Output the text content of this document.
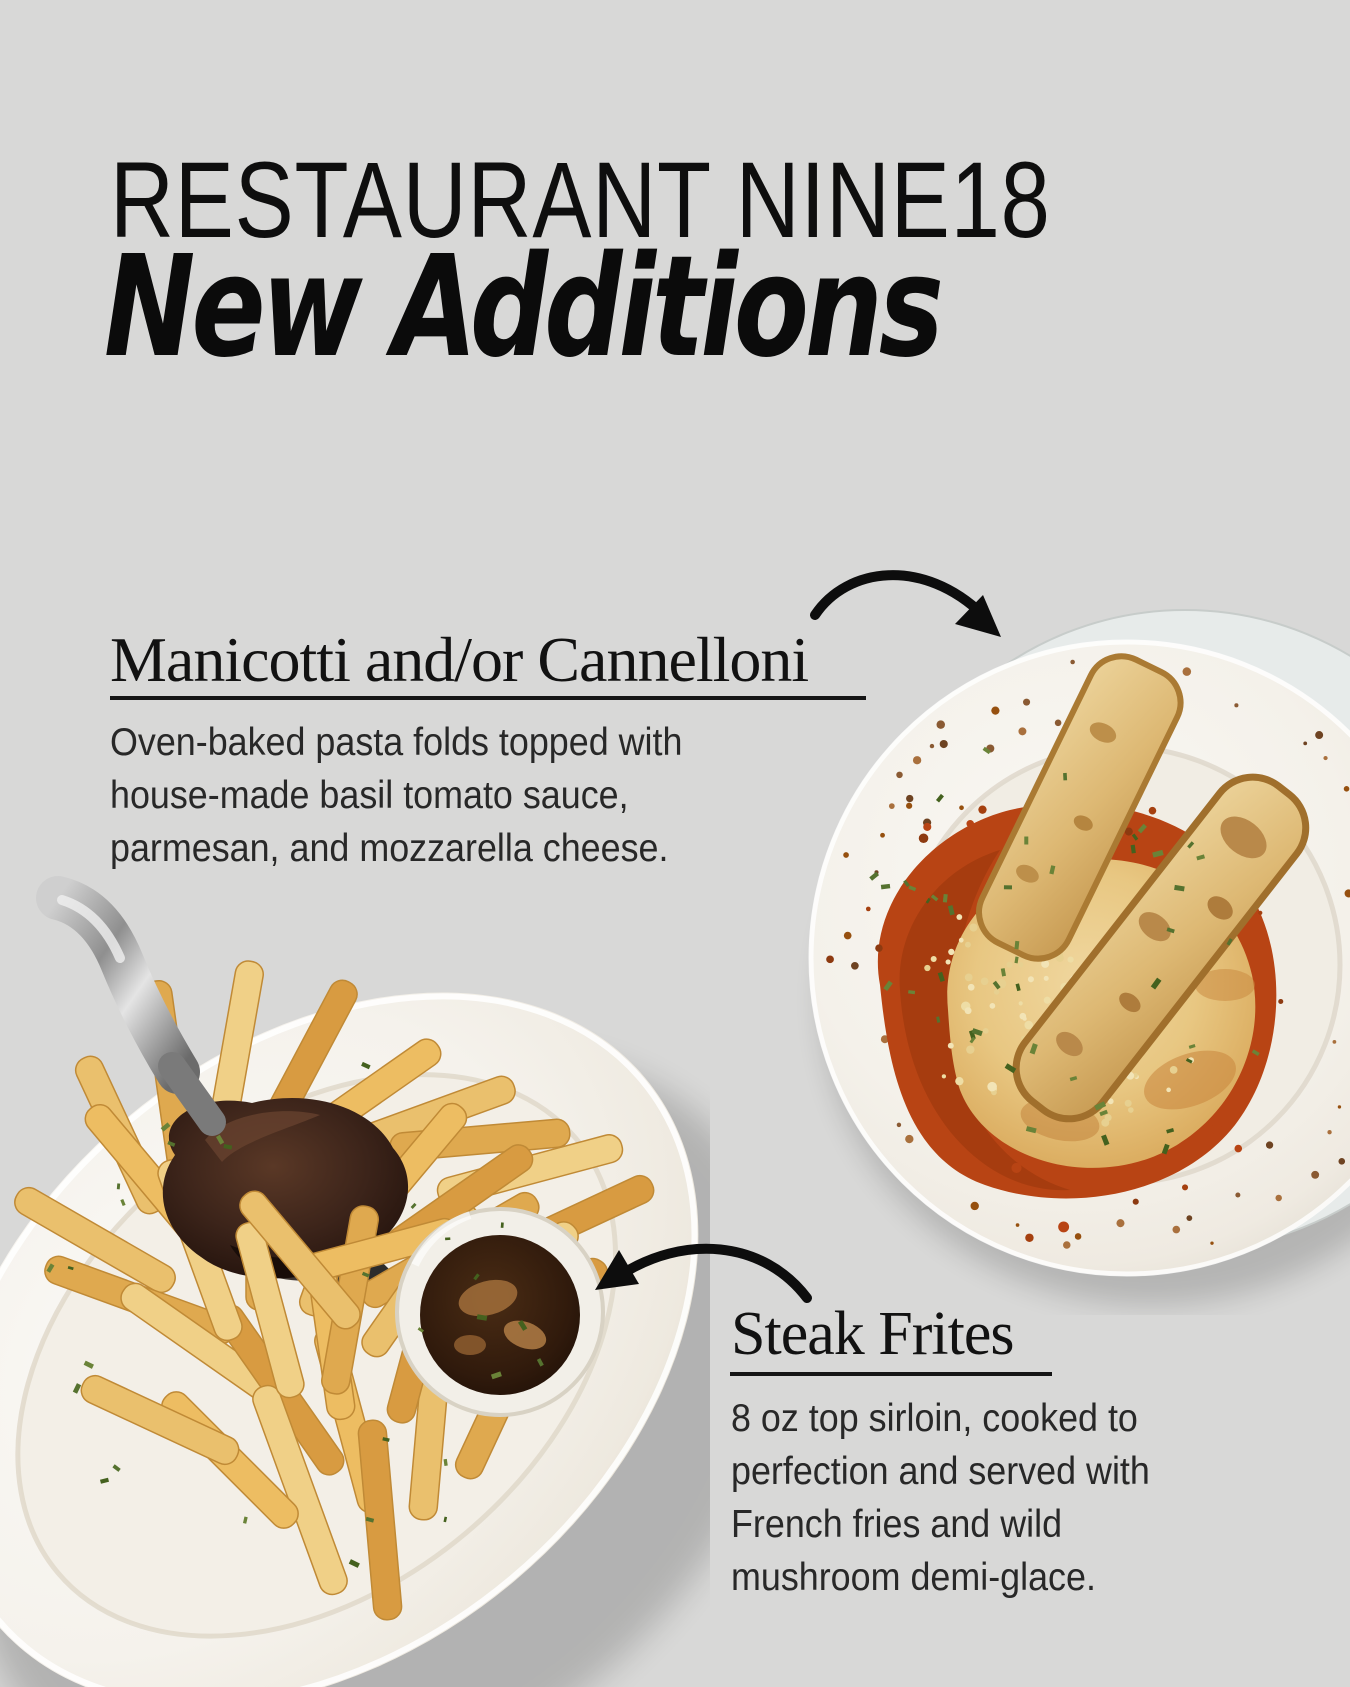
RESTAURANT NINE18
New Additions
Manicotti and/or Cannelloni
Oven-baked pasta folds topped with
house-made basil tomato sauce,
parmesan, and mozzarella cheese.
Steak Frites
8 oz top sirloin, cooked to
perfection and served with
French fries and wild
mushroom demi-glace.
